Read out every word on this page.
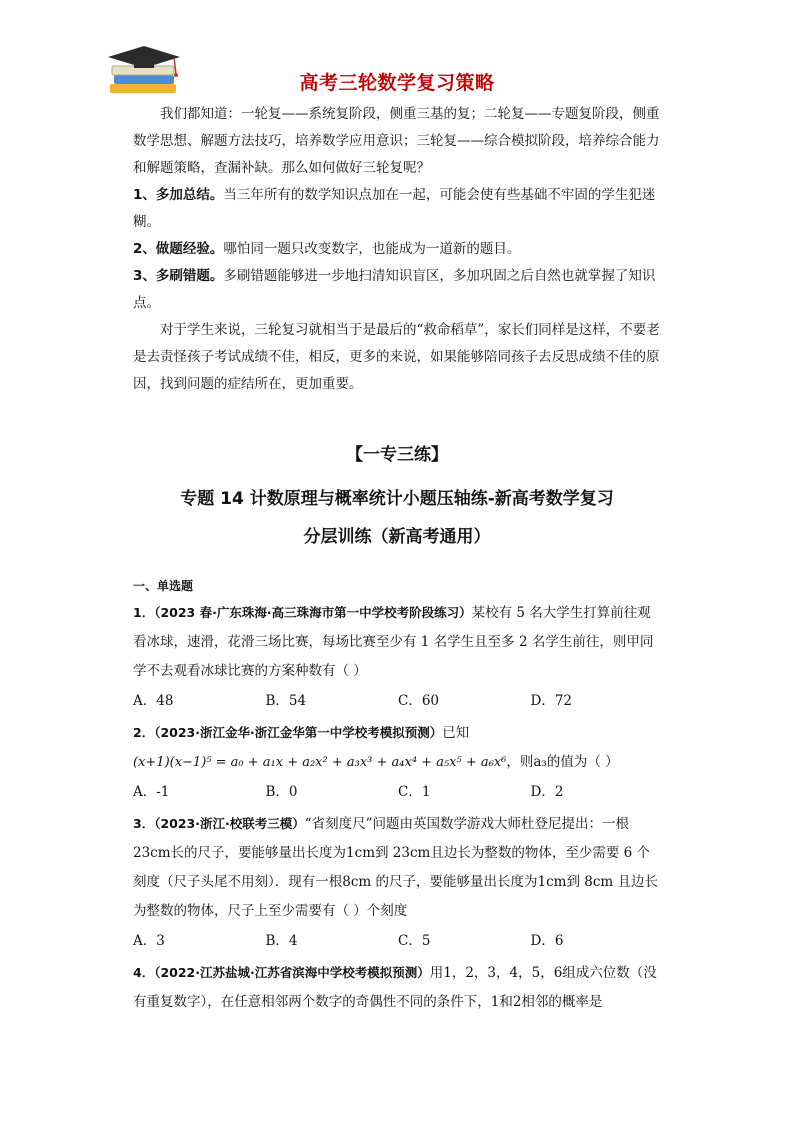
高考三轮数学复习策略

我们都知道：一轮复——系统复阶段，侧重三基的复；二轮复——专题复阶段，侧重数学思想、解题方法技巧，培养数学应用意识；三轮复——综合模拟阶段，培养综合能力和解题策略，查漏补缺。那么如何做好三轮复呢？

1、多加总结。当三年所有的数学知识点加在一起，可能会使有些基础不牢固的学生犯迷糊。

2、做题经验。哪怕同一题只改变数字，也能成为一道新的题目。

3、多刷错题。多刷错题能够进一步地扫清知识盲区，多加巩固之后自然也就掌握了知识点。

对于学生来说，三轮复习就相当于是最后的“救命稻草”，家长们同样是这样，不要老是去责怪孩子考试成绩不佳，相反，更多的来说，如果能够陪同孩子去反思成绩不佳的原因，找到问题的症结所在，更加重要。

【一专三练】
专题 14 计数原理与概率统计小题压轴练-新高考数学复习
分层训练（新高考通用）
一、单选题

1．（2023 春·广东珠海·高三珠海市第一中学校考阶段练习）某校有 5 名大学生打算前往观看冰球，速滑，花滑三场比赛，每场比赛至少有 1 名学生且至多 2 名学生前往，则甲同学不去观看冰球比赛的方案种数有（ ）

A．48	B．54	C．60	D．72

2．（2023·浙江金华·浙江金华第一中学校考模拟预测）已知

(x+1)(x−1)⁵ = a₀ + a₁x + a₂x² + a₃x³ + a₄x⁴ + a₅x⁵ + a₆x⁶，则a₃的值为（ ）

A．-1	B．0	C．1	D．2

3．（2023·浙江·校联考三模）“省刻度尺”问题由英国数学游戏大师杜登尼提出：一根 23cm长的尺子，要能够量出长度为1cm到 23cm且边长为整数的物体，至少需要 6 个刻度（尺子头尾不用刻）．现有一根8cm 的尺子，要能够量出长度为1cm到 8cm 且边长为整数的物体，尺子上至少需要有（ ）个刻度

A．3	B．4	C．5	D．6

4．（2022·江苏盐城·江苏省滨海中学校考模拟预测）用1，2，3，4，5，6组成六位数（没有重复数字），在任意相邻两个数字的奇偶性不同的条件下，1和2相邻的概率是
